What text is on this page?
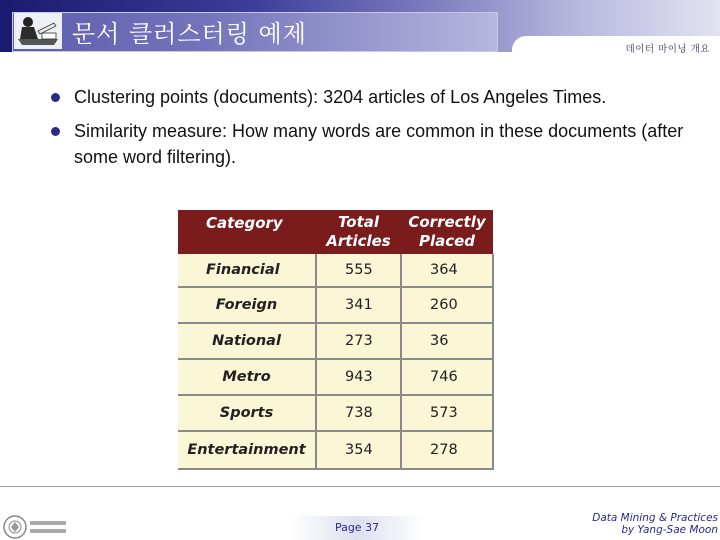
문서 클러스터링 예제
데이터 마이닝 개요
Clustering points (documents): 3204 articles of Los Angeles Times.
Similarity measure: How many words are common in these documents (after some word filtering).
Category	Total Articles	Correctly Placed
Financial	555	364
Foreign	341	260
National	273	36
Metro	943	746
Sports	738	573
Entertainment	354	278
Page 37
Data Mining & Practices
by Yang-Sae Moon
